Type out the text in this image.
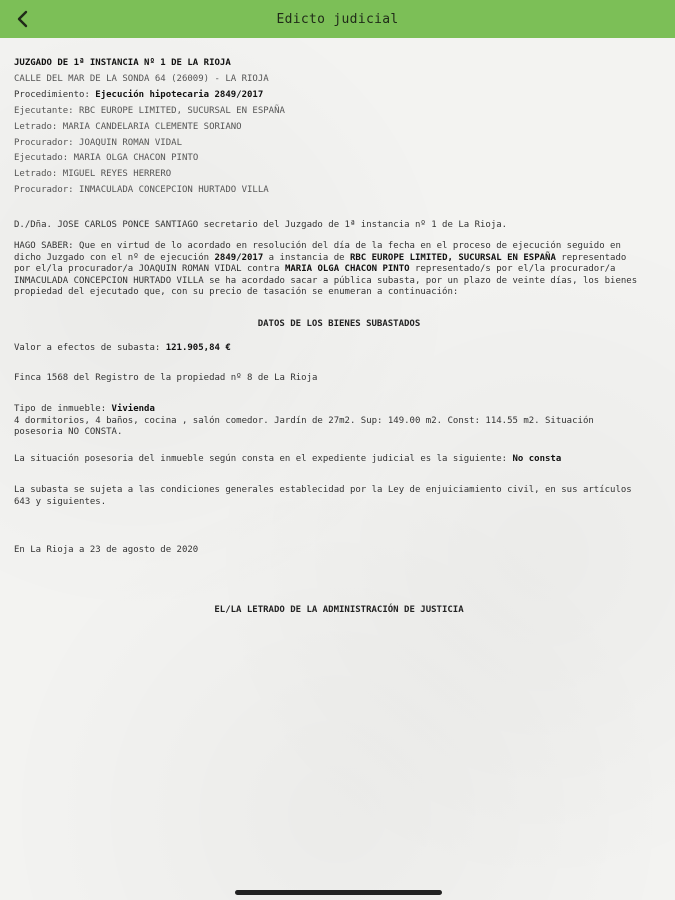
Edicto judicial
JUZGADO DE 1ª INSTANCIA Nº 1 DE LA RIOJA
CALLE DEL MAR DE LA SONDA 64 (26009) - LA RIOJA
Procedimiento: Ejecución hipotecaria 2849/2017
Ejecutante: RBC EUROPE LIMITED, SUCURSAL EN ESPAÑA
Letrado: MARIA CANDELARIA CLEMENTE SORIANO
Procurador: JOAQUIN ROMAN VIDAL
Ejecutado: MARIA OLGA CHACON PINTO
Letrado: MIGUEL REYES HERRERO
Procurador: INMACULADA CONCEPCION HURTADO VILLA
D./Dña. JOSE CARLOS PONCE SANTIAGO secretario del Juzgado de 1ª instancia nº 1 de La Rioja.
HAGO SABER: Que en virtud de lo acordado en resolución del día de la fecha en el proceso de ejecución seguido en dicho Juzgado con el nº de ejecución 2849/2017 a instancia de RBC EUROPE LIMITED, SUCURSAL EN ESPAÑA representado por el/la procurador/a JOAQUIN ROMAN VIDAL contra MARIA OLGA CHACON PINTO representado/s por el/la procurador/a INMACULADA CONCEPCION HURTADO VILLA se ha acordado sacar a pública subasta, por un plazo de veinte días, los bienes propiedad del ejecutado que, con su precio de tasación se enumeran a continuación:
DATOS DE LOS BIENES SUBASTADOS
Valor a efectos de subasta: 121.905,84 €
Finca 1568 del Registro de la propiedad nº 8 de La Rioja
Tipo de inmueble: Vivienda
4 dormitorios, 4 baños, cocina , salón comedor. Jardín de 27m2. Sup: 149.00 m2. Const: 114.55 m2. Situación posesoria NO CONSTA.
La situación posesoria del inmueble según consta en el expediente judicial es la siguiente: No consta
La subasta se sujeta a las condiciones generales establecidad por la Ley de enjuiciamiento civil, en sus artículos 643 y siguientes.
En La Rioja a 23 de agosto de 2020
EL/LA LETRADO DE LA ADMINISTRACIÓN DE JUSTICIA
